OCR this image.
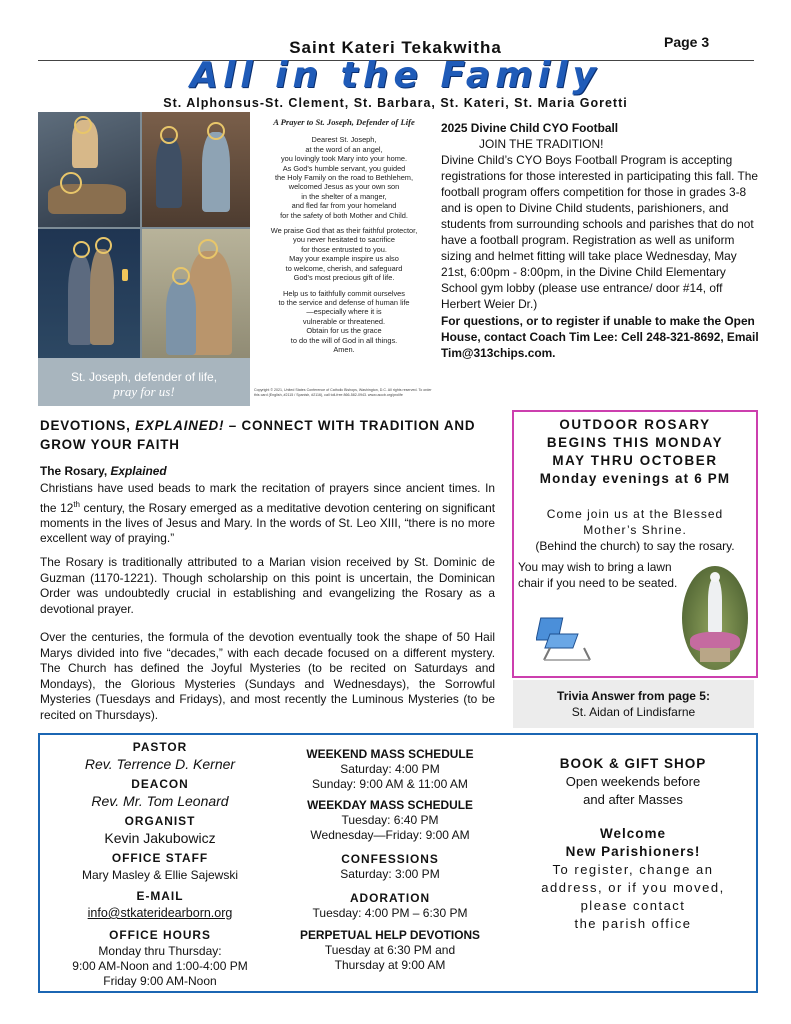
Saint Kateri Tekakwitha	Page 3
All in the Family
St. Alphonsus-St. Clement, St. Barbara, St. Kateri, St. Maria Goretti
St. Joseph, defender of life,
pray for us!
A Prayer to St. Joseph, Defender of Life

Dearest St. Joseph,
at the word of an angel,
you lovingly took Mary into your home.
As God's humble servant, you guided
the Holy Family on the road to Bethlehem,
welcomed Jesus as your own son
in the shelter of a manger,
and fled far from your homeland
for the safety of both Mother and Child.

We praise God that as their faithful protector,
you never hesitated to sacrifice
for those entrusted to you.
May your example inspire us also
to welcome, cherish, and safeguard
God's most precious gift of life.

Help us to faithfully commit ourselves
to the service and defense of human life
—especially where it is
vulnerable or threatened.
Obtain for us the grace
to do the will of God in all things.
Amen.

Copyright © 2021, United States Conference of Catholic Bishops, Washington, D.C. All rights reserved. To order this card (English, #2115 / Spanish, #2116), call toll-free 866-582-0943. www.usccb.org/prolife
2025 Divine Child CYO Football
JOIN THE TRADITION!
Divine Child’s CYO Boys Football Program is accepting registrations for those interested in participating this fall. The football program offers competition for those in grades 3-8 and is open to Divine Child students, parishioners, and students from surrounding schools and parishes that do not have a football program. Registration as well as uniform sizing and helmet fitting will take place Wednesday, May 21st, 6:00pm - 8:00pm, in the Divine Child Elementary School gym lobby (please use entrance/ door #14, off Herbert Weier Dr.)
For questions, or to register if unable to make the Open House, contact Coach Tim Lee: Cell 248-321-8692, Email Tim@313chips.com.
DEVOTIONS, EXPLAINED! – CONNECT WITH TRADITION AND GROW YOUR FAITH
The Rosary, Explained
Christians have used beads to mark the recitation of prayers since ancient times. In the 12th century, the Rosary emerged as a meditative devotion centering on significant moments in the lives of Jesus and Mary. In the words of St. Leo XIII, “there is no more excellent way of praying.”
The Rosary is traditionally attributed to a Marian vision received by St. Dominic de Guzman (1170-1221). Though scholarship on this point is uncertain, the Dominican Order was undoubtedly crucial in establishing and evangelizing the Rosary as a devotional prayer.
Over the centuries, the formula of the devotion eventually took the shape of 50 Hail Marys divided into five “decades,” with each decade focused on a different mystery. The Church has defined the Joyful Mysteries (to be recited on Saturdays and Mondays), the Glorious Mysteries (Sundays and Wednesdays), the Sorrowful Mysteries (Tuesdays and Fridays), and most recently the Luminous Mysteries (to be recited on Thursdays).
OUTDOOR ROSARY
BEGINS THIS MONDAY
MAY THRU OCTOBER
Monday evenings at 6 PM
Come join us at the Blessed
Mother’s Shrine.
(Behind the church) to say the rosary.
You may wish to bring a lawn chair if you need to be seated.
Trivia Answer from page 5:
St. Aidan of Lindisfarne
PASTOR
Rev. Terrence D. Kerner
DEACON
Rev. Mr. Tom Leonard
ORGANIST
Kevin Jakubowicz
OFFICE STAFF
Mary Masley & Ellie Sajewski
E-MAIL
info@stkateridearborn.org
OFFICE HOURS
Monday thru Thursday:
9:00 AM-Noon and 1:00-4:00 PM
Friday 9:00 AM-Noon
WEEKEND MASS SCHEDULE
Saturday: 4:00 PM
Sunday: 9:00 AM & 11:00 AM
WEEKDAY MASS SCHEDULE
Tuesday: 6:40 PM
Wednesday—Friday: 9:00 AM
CONFESSIONS
Saturday: 3:00 PM
ADORATION
Tuesday: 4:00 PM – 6:30 PM
PERPETUAL HELP DEVOTIONS
Tuesday at 6:30 PM and
Thursday at 9:00 AM
BOOK & GIFT SHOP
Open weekends before
and after Masses
Welcome
New Parishioners!
To register, change an
address, or if you moved,
please contact
the parish office
